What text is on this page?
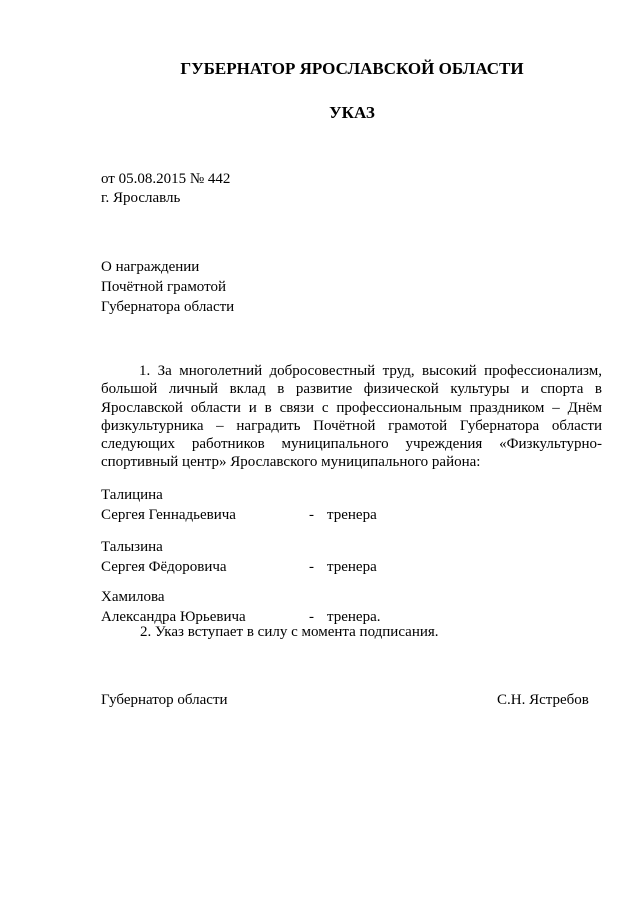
ГУБЕРНАТОР ЯРОСЛАВСКОЙ ОБЛАСТИ
УКАЗ
от 05.08.2015 № 442
г. Ярославль
О награждении
Почётной грамотой
Губернатора области
1. За многолетний добросовестный труд, высокий профессионализм, большой личный вклад в развитие физической культуры и спорта в Ярославской области и в связи с профессиональным праздником – Днём физкультурника – наградить Почётной грамотой Губернатора области следующих работников муниципального учреждения «Физкультурно-спортивный центр» Ярославского муниципального района:
Талицина
Сергея Геннадьевича	- тренера
Талызина
Сергея Фёдоровича	- тренера
Хамилова
Александра Юрьевича	- тренера.
2. Указ вступает в силу с момента подписания.
Губернатор области	С.Н. Ястребов
